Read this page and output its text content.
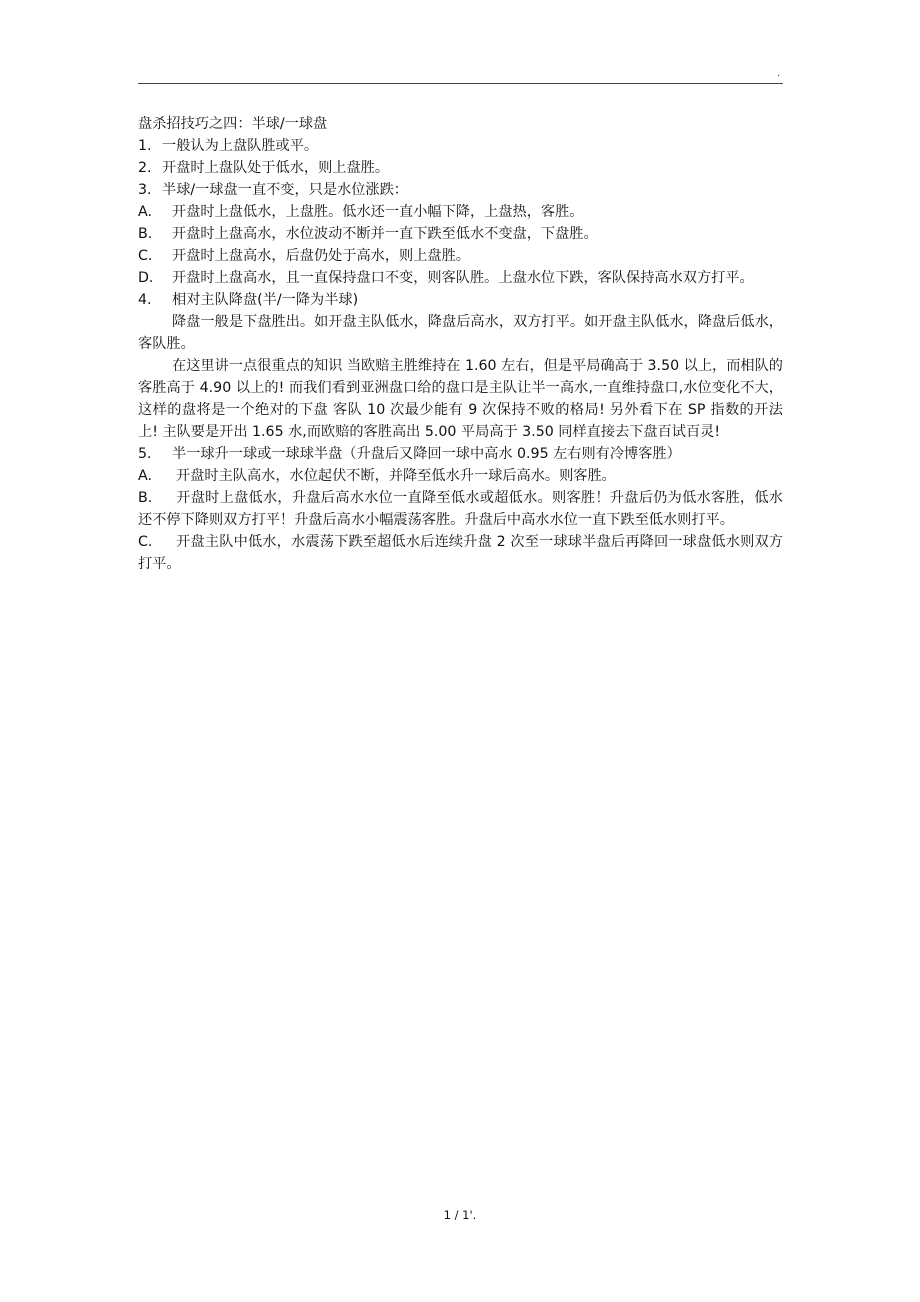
.
盘杀招技巧之四：半球/一球盘
1. 一般认为上盘队胜或平。
2. 开盘时上盘队处于低水，则上盘胜。
3. 半球/一球盘一直不变，只是水位涨跌：
A.	开盘时上盘低水，上盘胜。低水还一直小幅下降，上盘热，客胜。
B.	开盘时上盘高水，水位波动不断并一直下跌至低水不变盘，下盘胜。
C.	开盘时上盘高水，后盘仍处于高水，则上盘胜。
D. 开盘时上盘高水，且一直保持盘口不变，则客队胜。上盘水位下跌，客队保持高水双方打平。
4.	相对主队降盘(半/一降为半球)

降盘一般是下盘胜出。如开盘主队低水，降盘后高水，双方打平。如开盘主队低水，降盘后低水，客队胜。

在这里讲一点很重点的知识 当欧赔主胜维持在 1.60 左右，但是平局确高于 3.50 以上，而相队的客胜高于 4.90 以上的! 而我们看到亚洲盘口给的盘口是主队让半一高水,一直维持盘口,水位变化不大，这样的盘将是一个绝对的下盘 客队 10 次最少能有 9 次保持不败的格局! 另外看下在 SP 指数的开法上! 主队要是开出 1.65 水,而欧赔的客胜高出 5.00 平局高于 3.50 同样直接去下盘百试百灵!

5.	半一球升一球或一球球半盘（升盘后又降回一球中高水 0.95 左右则有冷博客胜）
A.	开盘时主队高水，水位起伏不断，并降至低水升一球后高水。则客胜。
B. 开盘时上盘低水，升盘后高水水位一直降至低水或超低水。则客胜！升盘后仍为低水客胜，低水还不停下降则双方打平！升盘后高水小幅震荡客胜。升盘后中高水水位一直下跌至低水则打平。
C. 开盘主队中低水，水震荡下跌至超低水后连续升盘 2 次至一球球半盘后再降回一球盘低水则双方打平。
1 / 1'.
